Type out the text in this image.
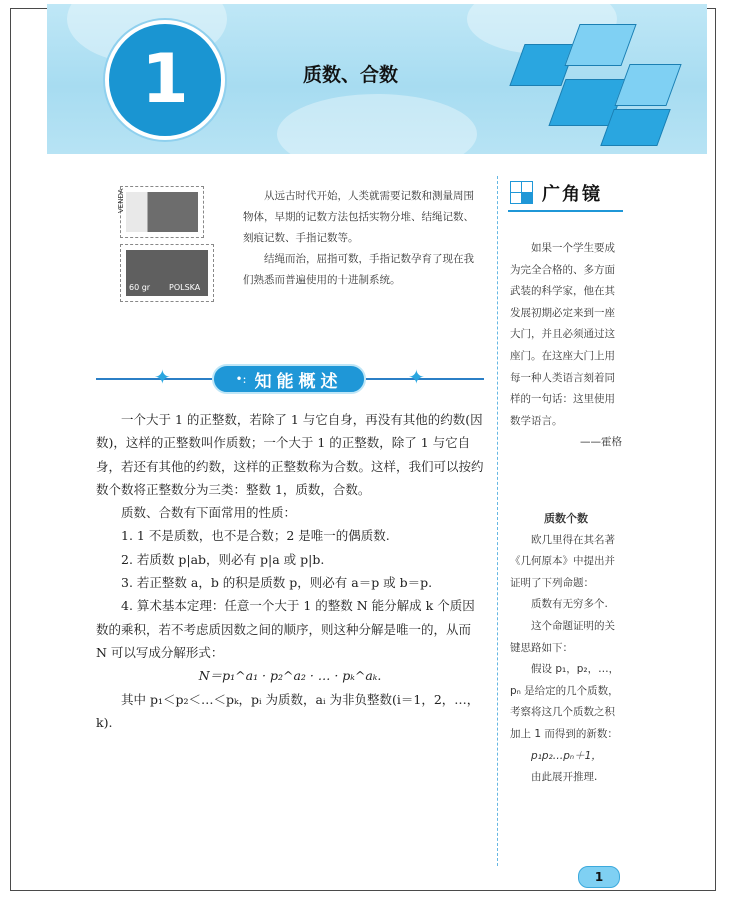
1	质数、合数
VENDA
60 gr POLSKA

从远古时代开始，人类就需要记数和测量周围物体，早期的记数方法包括实物分堆、结绳记数、刻痕记数、手指记数等。

结绳而治，屈指可数，手指记数孕育了现在我们熟悉而普遍使用的十进制系统。

✦	✦
•: 知能概述

一个大于 1 的正整数，若除了 1 与它自身，再没有其他的约数(因数)，这样的正整数叫作质数；一个大于 1 的正整数，除了 1 与它自身，若还有其他的约数，这样的正整数称为合数。这样，我们可以按约数个数将正整数分为三类：整数 1，质数，合数。

质数、合数有下面常用的性质：

1. 1 不是质数，也不是合数；2 是唯一的偶质数.

2. 若质数 p|ab，则必有 p|a 或 p|b.

3. 若正整数 a，b 的积是质数 p，则必有 a＝p 或 b＝p.

4. 算术基本定理：任意一个大于 1 的整数 N 能分解成 k 个质因数的乘积，若不考虑质因数之间的顺序，则这种分解是唯一的，从而 N 可以写成分解形式：

N＝p₁^a₁ · p₂^a₂ · … · pₖ^aₖ.

其中 p₁＜p₂＜…＜pₖ，pᵢ 为质数，aᵢ 为非负整数(i＝1，2，…，k).

广角镜

如果一个学生要成为完全合格的、多方面武装的科学家，他在其发展初期必定来到一座大门，并且必须通过这座门。在这座大门上用每一种人类语言刻着同样的一句话：这里使用数学语言。

——霍格

质数个数

欧几里得在其名著《几何原本》中提出并证明了下列命题：

质数有无穷多个.

这个命题证明的关键思路如下：

假设 p₁，p₂，…，pₙ 是给定的几个质数，考察将这几个质数之积加上 1 而得到的新数：

p₁p₂…pₙ＋1，

由此展开推理.

1
